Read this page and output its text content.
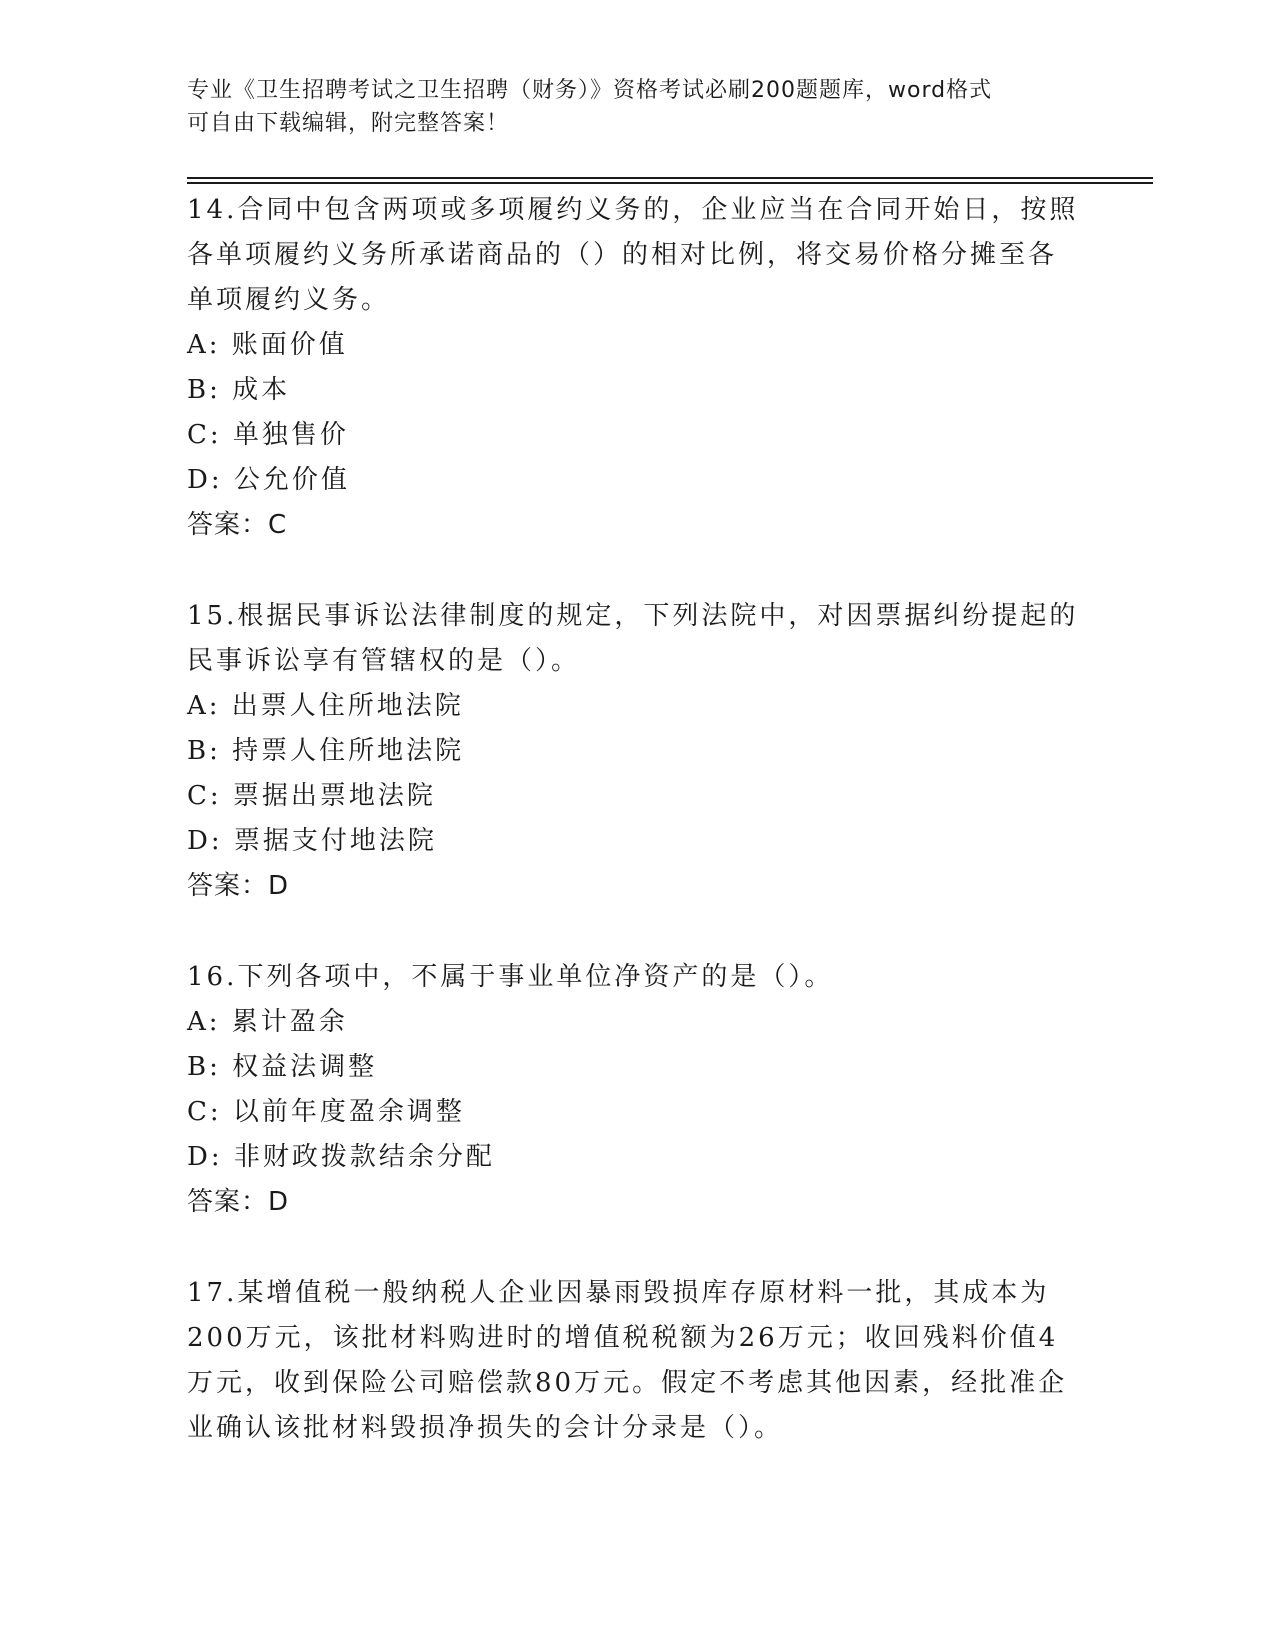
专业《卫生招聘考试之卫生招聘（财务）》资格考试必刷200题题库，word格式
可自由下载编辑，附完整答案！
14.合同中包含两项或多项履约义务的，企业应当在合同开始日，按照
各单项履约义务所承诺商品的（）的相对比例，将交易价格分摊至各
单项履约义务。
A: 账面价值
B: 成本
C: 单独售价
D: 公允价值
答案：C
15.根据民事诉讼法律制度的规定，下列法院中，对因票据纠纷提起的
民事诉讼享有管辖权的是（）。
A: 出票人住所地法院
B: 持票人住所地法院
C: 票据出票地法院
D: 票据支付地法院
答案：D
16.下列各项中，不属于事业单位净资产的是（）。
A: 累计盈余
B: 权益法调整
C: 以前年度盈余调整
D: 非财政拨款结余分配
答案：D
17.某增值税一般纳税人企业因暴雨毁损库存原材料一批，其成本为
200万元，该批材料购进时的增值税税额为26万元；收回残料价值4
万元，收到保险公司赔偿款80万元。假定不考虑其他因素，经批准企
业确认该批材料毁损净损失的会计分录是（）。
